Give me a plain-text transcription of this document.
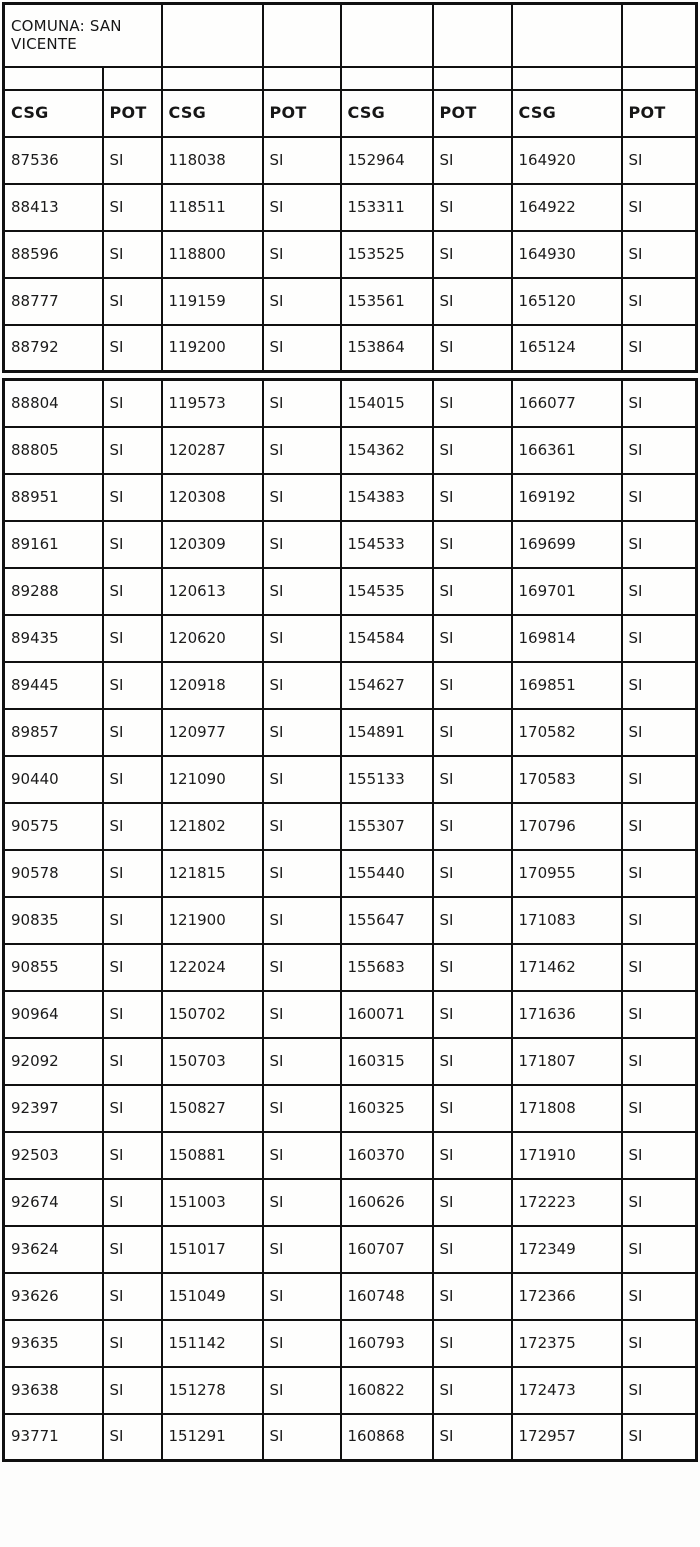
COMUNA: SAN VICENTE							

CSG	POT	CSG	POT	CSG	POT	CSG	POT
87536	SI	118038	SI	152964	SI	164920	SI
88413	SI	118511	SI	153311	SI	164922	SI
88596	SI	118800	SI	153525	SI	164930	SI
88777	SI	119159	SI	153561	SI	165120	SI
88792	SI	119200	SI	153864	SI	165124	SI
88804	SI	119573	SI	154015	SI	166077	SI
88805	SI	120287	SI	154362	SI	166361	SI
88951	SI	120308	SI	154383	SI	169192	SI
89161	SI	120309	SI	154533	SI	169699	SI
89288	SI	120613	SI	154535	SI	169701	SI
89435	SI	120620	SI	154584	SI	169814	SI
89445	SI	120918	SI	154627	SI	169851	SI
89857	SI	120977	SI	154891	SI	170582	SI
90440	SI	121090	SI	155133	SI	170583	SI
90575	SI	121802	SI	155307	SI	170796	SI
90578	SI	121815	SI	155440	SI	170955	SI
90835	SI	121900	SI	155647	SI	171083	SI
90855	SI	122024	SI	155683	SI	171462	SI
90964	SI	150702	SI	160071	SI	171636	SI
92092	SI	150703	SI	160315	SI	171807	SI
92397	SI	150827	SI	160325	SI	171808	SI
92503	SI	150881	SI	160370	SI	171910	SI
92674	SI	151003	SI	160626	SI	172223	SI
93624	SI	151017	SI	160707	SI	172349	SI
93626	SI	151049	SI	160748	SI	172366	SI
93635	SI	151142	SI	160793	SI	172375	SI
93638	SI	151278	SI	160822	SI	172473	SI
93771	SI	151291	SI	160868	SI	172957	SI
